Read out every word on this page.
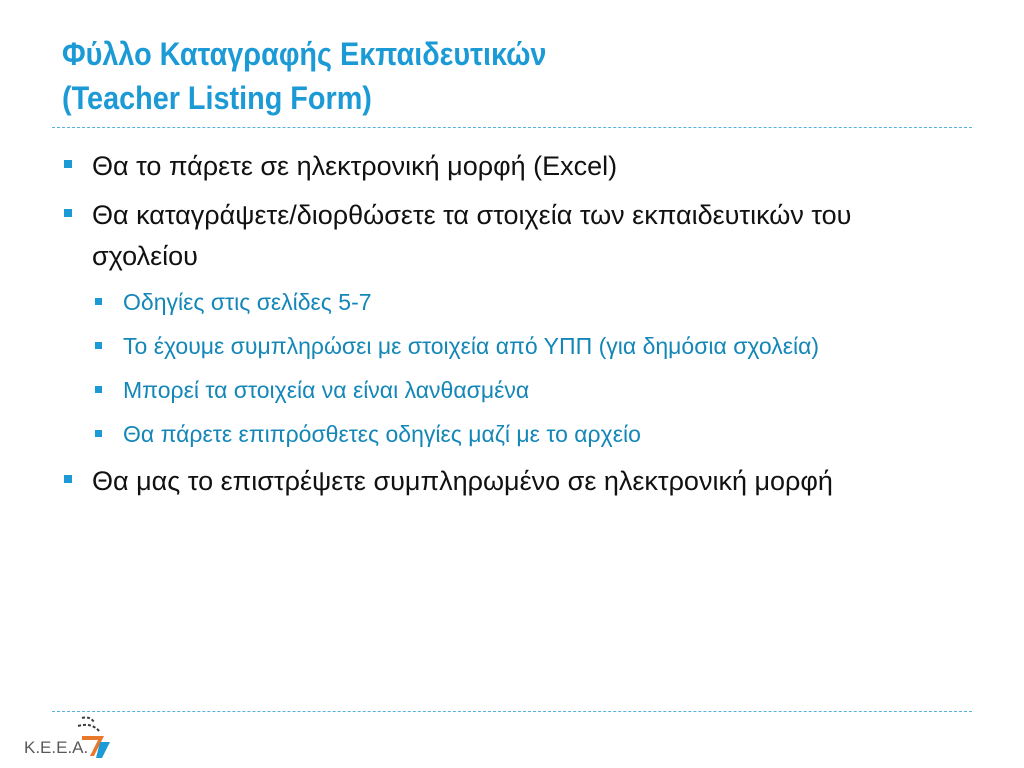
Φύλλο Καταγραφής Εκπαιδευτικών
(Teacher Listing Form)
Θα το πάρετε σε ηλεκτρονική μορφή (Excel)
Θα καταγράψετε/διορθώσετε τα στοιχεία των εκπαιδευτικών του σχολείου
Οδηγίες στις σελίδες 5-7
Το έχουμε συμπληρώσει με στοιχεία από ΥΠΠ (για δημόσια σχολεία)
Μπορεί τα στοιχεία να είναι λανθασμένα
Θα πάρετε επιπρόσθετες οδηγίες μαζί με το αρχείο
Θα μας το επιστρέψετε συμπληρωμένο σε ηλεκτρονική μορφή
K.E.E.A.
